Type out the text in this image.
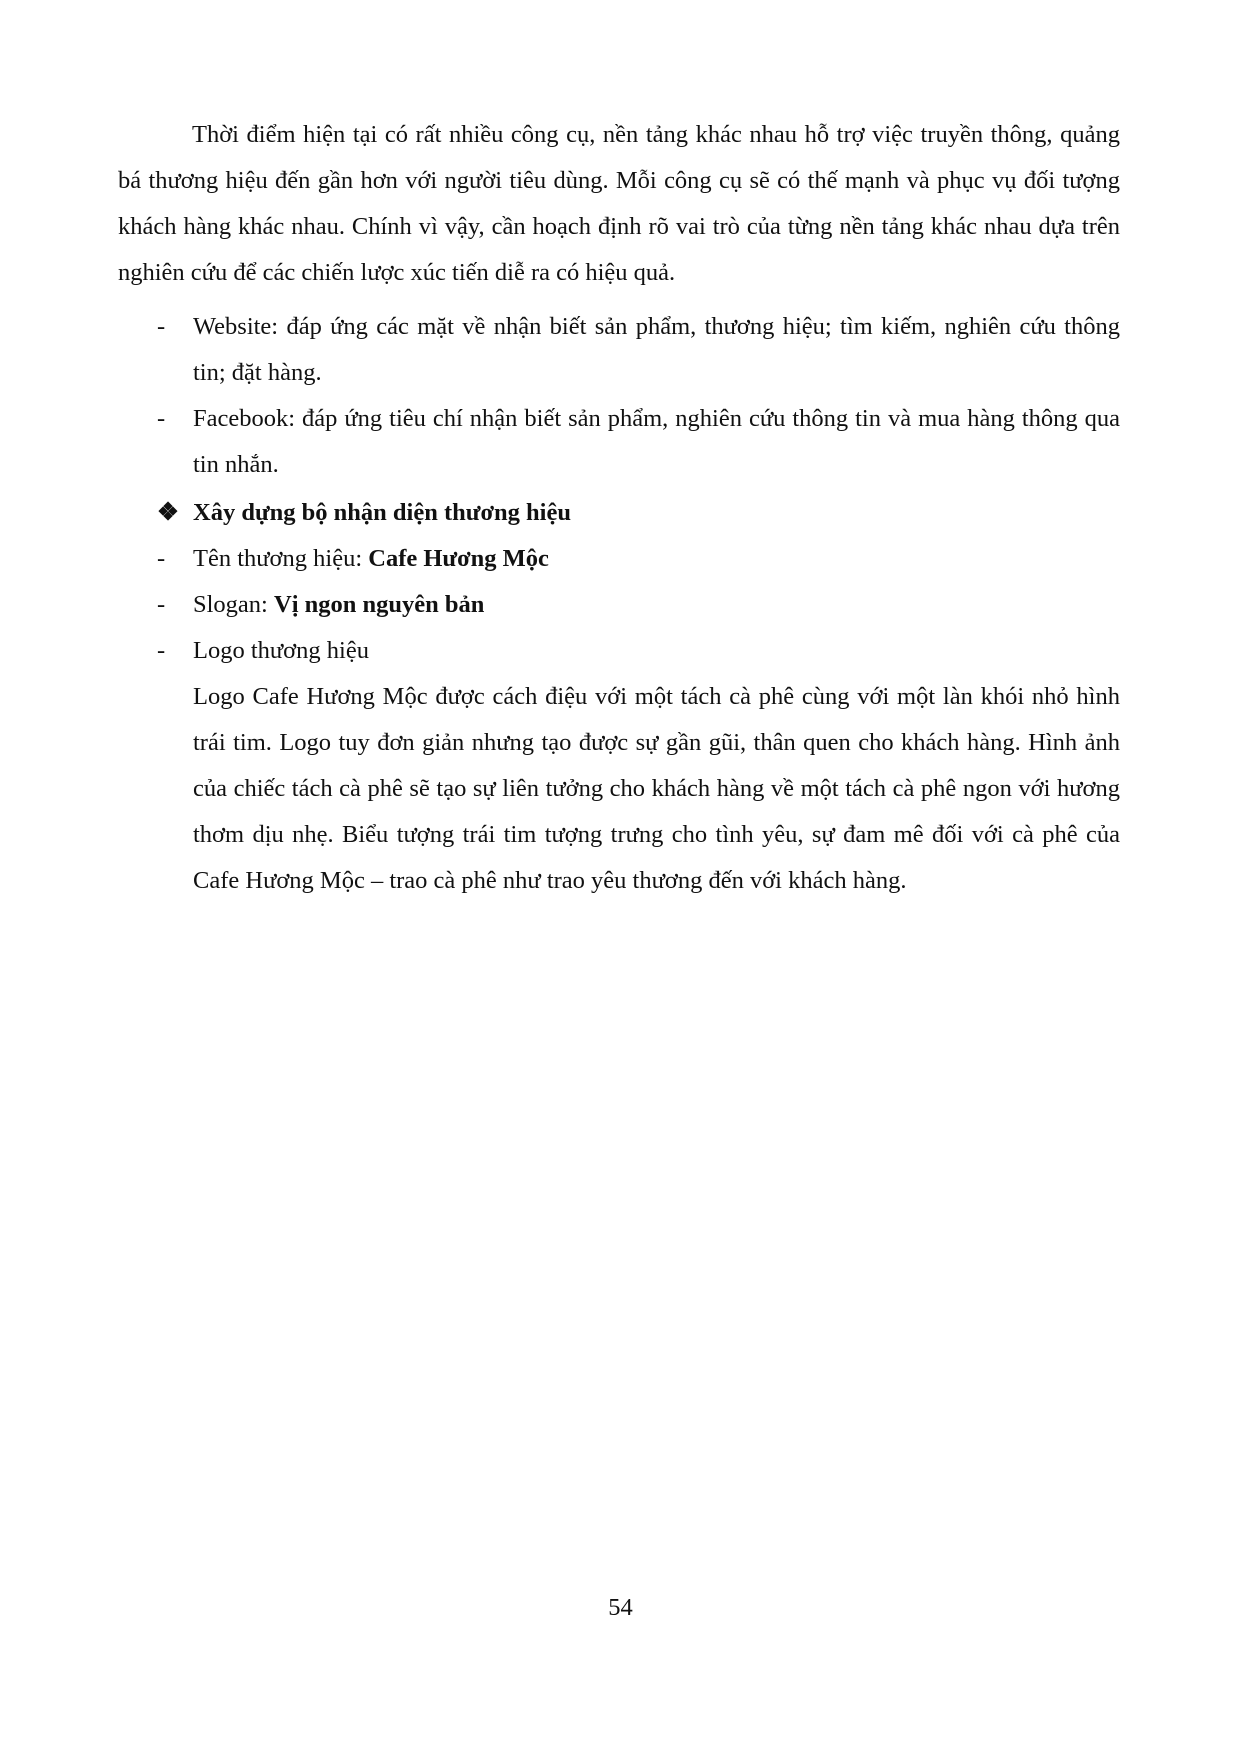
Thời điểm hiện tại có rất nhiều công cụ, nền tảng khác nhau hỗ trợ việc truyền thông, quảng bá thương hiệu đến gần hơn với người tiêu dùng. Mỗi công cụ sẽ có thế mạnh và phục vụ đối tượng khách hàng khác nhau. Chính vì vậy, cần hoạch định rõ vai trò của từng nền tảng khác nhau dựa trên nghiên cứu để các chiến lược xúc tiến diễ ra có hiệu quả.

- Website: đáp ứng các mặt về nhận biết sản phẩm, thương hiệu; tìm kiếm, nghiên cứu thông tin; đặt hàng.
- Facebook: đáp ứng tiêu chí nhận biết sản phẩm, nghiên cứu thông tin và mua hàng thông qua tin nhắn.
❖ Xây dựng bộ nhận diện thương hiệu
- Tên thương hiệu: Cafe Hương Mộc
- Slogan: Vị ngon nguyên bản
- Logo thương hiệu
Logo Cafe Hương Mộc được cách điệu với một tách cà phê cùng với một làn khói nhỏ hình trái tim. Logo tuy đơn giản nhưng tạo được sự gần gũi, thân quen cho khách hàng. Hình ảnh của chiếc tách cà phê sẽ tạo sự liên tưởng cho khách hàng về một tách cà phê ngon với hương thơm dịu nhẹ. Biểu tượng trái tim tượng trưng cho tình yêu, sự đam mê đối với cà phê của Cafe Hương Mộc – trao cà phê như trao yêu thương đến với khách hàng.
54
